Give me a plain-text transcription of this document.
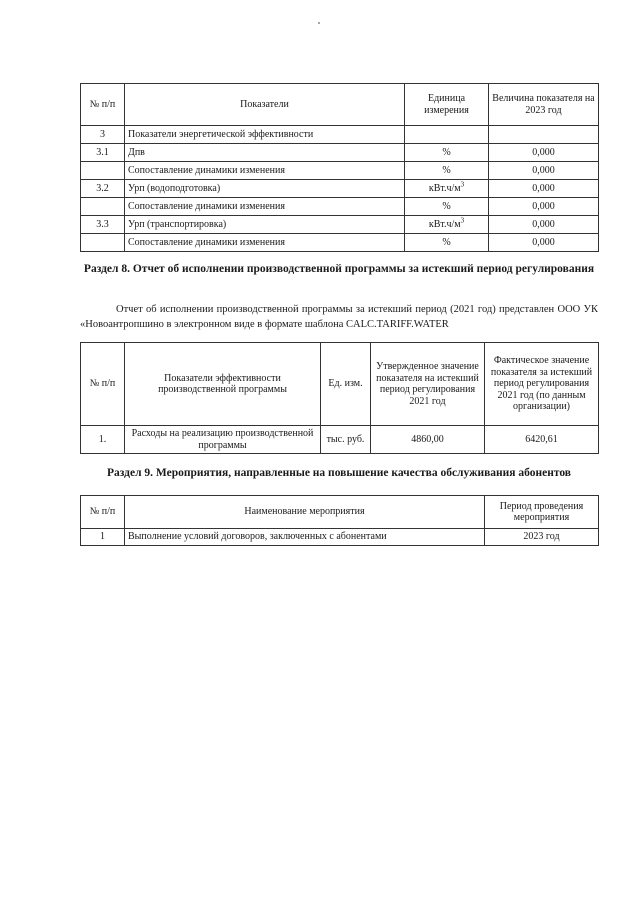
№ п/п	Показатели	Единица измерения	Величина показателя на 2023 год
3	Показатели энергетической эффективности		
3.1	Дпв	%	0,000
	Сопоставление динамики изменения	%	0,000
3.2	Урп (водоподготовка)	$кВт.ч/м^3$	0,000
	Сопоставление динамики изменения	%	0,000
3.3	Урп (транспортировка)	$кВт.ч/м^3$	0,000
	Сопоставление динамики изменения	%	0,000
Раздел 8. Отчет об исполнении производственной программы за истекший период регулирования
Отчет об исполнении производственной программы за истекший период (2021 год) представлен ООО УК «Новоантропшино в электронном виде в формате шаблона CALC.TARIFF.WATER
№ п/п	Показатели эффективности производственной программы	Ед. изм.	Утвержденное значение показателя на истекший период регулирования 2021 год	Фактическое значение показателя за истекший период регулирования 2021 год (по данным организации)
1.	Расходы на реализацию производственной программы	тыс. руб.	4860,00	6420,61
Раздел 9. Мероприятия, направленные на повышение качества обслуживания абонентов
№ п/п	Наименование мероприятия	Период проведения мероприятия
1	Выполнение условий договоров, заключенных с абонентами	2023 год
